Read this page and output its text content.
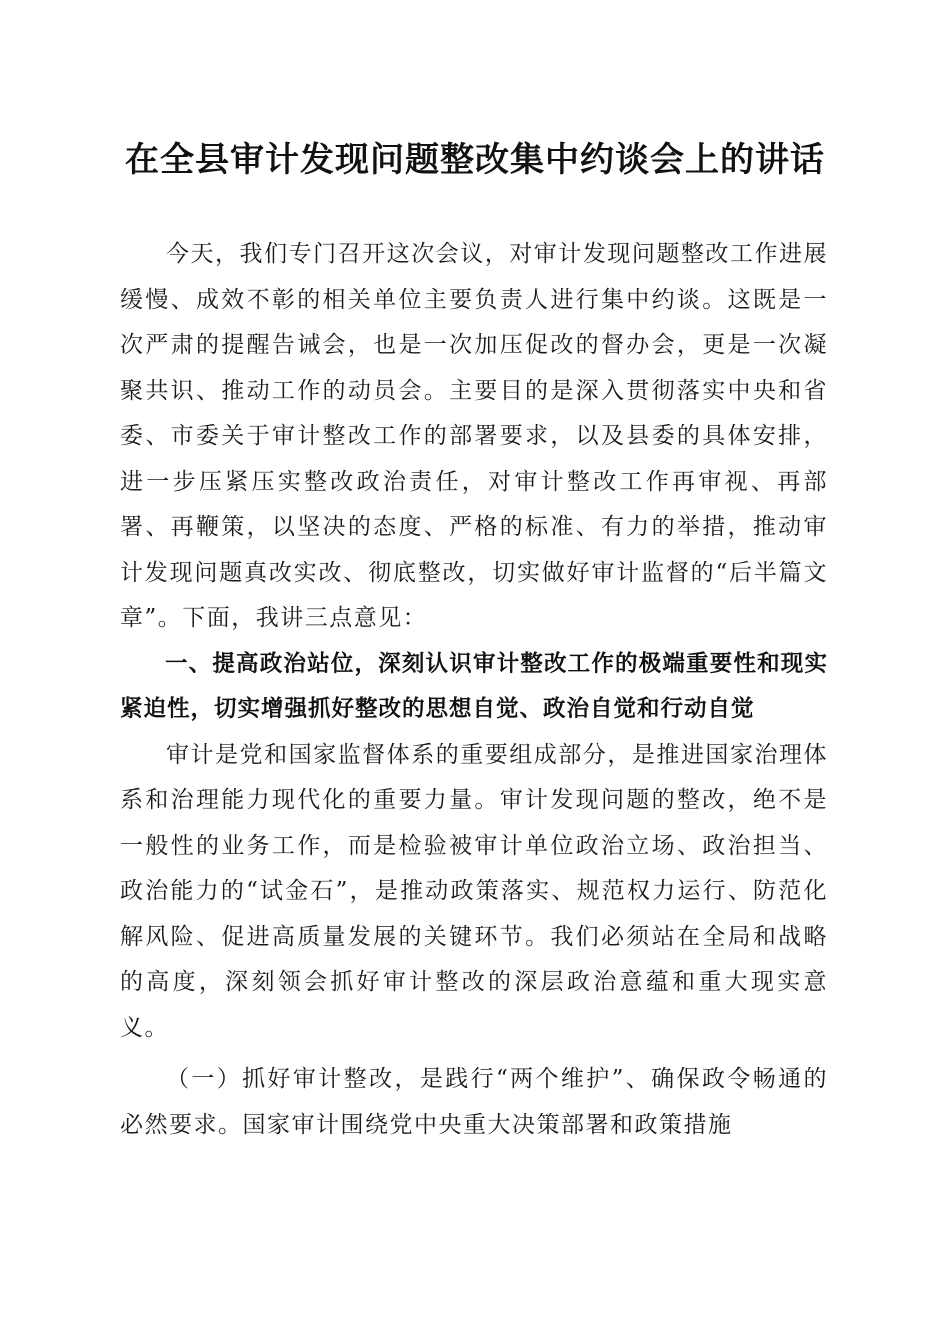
在全县审计发现问题整改集中约谈会上的讲话

今天，我们专门召开这次会议，对审计发现问题整改工作进展缓慢、成效不彰的相关单位主要负责人进行集中约谈。这既是一次严肃的提醒告诫会，也是一次加压促改的督办会，更是一次凝聚共识、推动工作的动员会。主要目的是深入贯彻落实中央和省委、市委关于审计整改工作的部署要求，以及县委的具体安排，进一步压紧压实整改政治责任，对审计整改工作再审视、再部署、再鞭策，以坚决的态度、严格的标准、有力的举措，推动审计发现问题真改实改、彻底整改，切实做好审计监督的“后半篇文章”。下面，我讲三点意见：

一、提高政治站位，深刻认识审计整改工作的极端重要性和现实紧迫性，切实增强抓好整改的思想自觉、政治自觉和行动自觉

审计是党和国家监督体系的重要组成部分，是推进国家治理体系和治理能力现代化的重要力量。审计发现问题的整改，绝不是一般性的业务工作，而是检验被审计单位政治立场、政治担当、政治能力的“试金石”，是推动政策落实、规范权力运行、防范化解风险、促进高质量发展的关键环节。我们必须站在全局和战略的高度，深刻领会抓好审计整改的深层政治意蕴和重大现实意义。

（一）抓好审计整改，是践行“两个维护”、确保政令畅通的必然要求。国家审计围绕党中央重大决策部署和政策措施
